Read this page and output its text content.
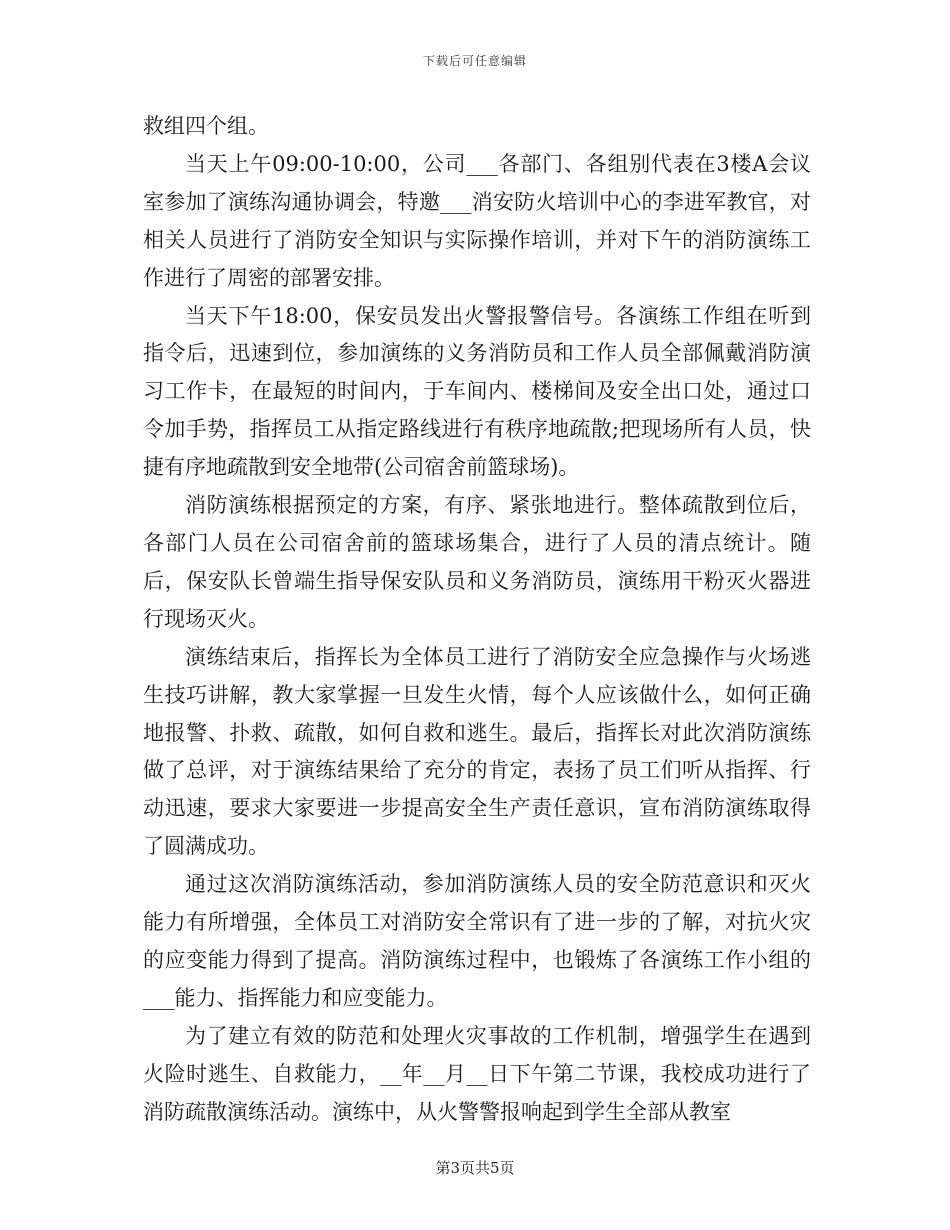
下载后可任意编辑

救组四个组。

当天上午09:00-10:00，公司___各部门、各组别代表在3楼A会议室参加了演练沟通协调会，特邀___消安防火培训中心的李进军教官，对相关人员进行了消防安全知识与实际操作培训，并对下午的消防演练工作进行了周密的部署安排。

当天下午18:00，保安员发出火警报警信号。各演练工作组在听到指令后，迅速到位，参加演练的义务消防员和工作人员全部佩戴消防演习工作卡，在最短的时间内，于车间内、楼梯间及安全出口处，通过口令加手势，指挥员工从指定路线进行有秩序地疏散;把现场所有人员，快捷有序地疏散到安全地带(公司宿舍前篮球场)。

消防演练根据预定的方案，有序、紧张地进行。整体疏散到位后，各部门人员在公司宿舍前的篮球场集合，进行了人员的清点统计。随后，保安队长曾端生指导保安队员和义务消防员，演练用干粉灭火器进行现场灭火。

演练结束后，指挥长为全体员工进行了消防安全应急操作与火场逃生技巧讲解，教大家掌握一旦发生火情，每个人应该做什么，如何正确地报警、扑救、疏散，如何自救和逃生。最后，指挥长对此次消防演练做了总评，对于演练结果给了充分的肯定，表扬了员工们听从指挥、行动迅速，要求大家要进一步提高安全生产责任意识，宣布消防演练取得了圆满成功。

通过这次消防演练活动，参加消防演练人员的安全防范意识和灭火能力有所增强，全体员工对消防安全常识有了进一步的了解，对抗火灾的应变能力得到了提高。消防演练过程中，也锻炼了各演练工作小组的___能力、指挥能力和应变能力。

为了建立有效的防范和处理火灾事故的工作机制，增强学生在遇到火险时逃生、自救能力，__年__月__日下午第二节课，我校成功进行了消防疏散演练活动。演练中，从火警警报响起到学生全部从教室

第3页共5页
